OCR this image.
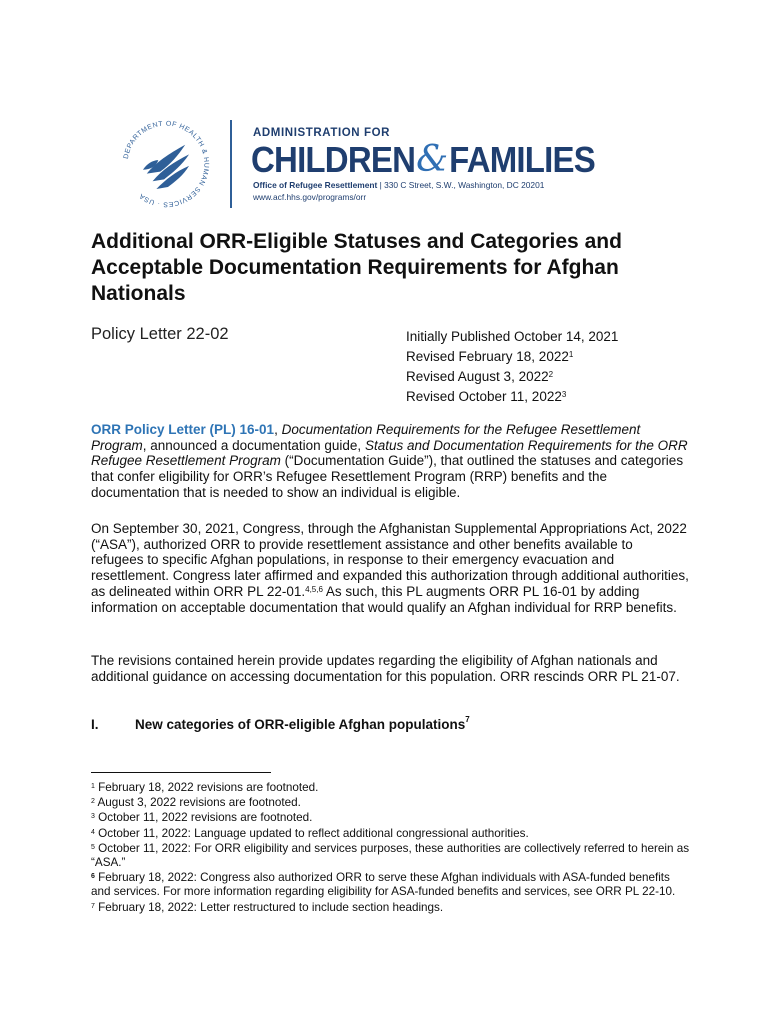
DEPARTMENT OF HEALTH & HUMAN SERVICES · USA
ADMINISTRATION FOR
CHILDREN&FAMILIES
Office of Refugee Resettlement | 330 C Street, S.W., Washington, DC 20201
www.acf.hhs.gov/programs/orr
Additional ORR-Eligible Statuses and Categories and Acceptable Documentation Requirements for Afghan Nationals
Policy Letter 22-02	Initially Published October 14, 2021
Revised February 18, 2022$^1$
Revised August 3, 2022$^2$
Revised October 11, 2022$^3$

ORR Policy Letter (PL) 16-01, Documentation Requirements for the Refugee Resettlement Program, announced a documentation guide, Status and Documentation Requirements for the ORR Refugee Resettlement Program (“Documentation Guide”), that outlined the statuses and categories that confer eligibility for ORR’s Refugee Resettlement Program (RRP) benefits and the documentation that is needed to show an individual is eligible.

On September 30, 2021, Congress, through the Afghanistan Supplemental Appropriations Act, 2022 (“ASA”), authorized ORR to provide resettlement assistance and other benefits available to refugees to specific Afghan populations, in response to their emergency evacuation and resettlement. Congress later affirmed and expanded this authorization through additional authorities, as delineated within ORR PL 22-01.$^{4,5,6}$ As such, this PL augments ORR PL 16-01 by adding information on acceptable documentation that would qualify an Afghan individual for RRP benefits.

The revisions contained herein provide updates regarding the eligibility of Afghan nationals and additional guidance on accessing documentation for this population. ORR rescinds ORR PL 21-07.

I.	New categories of ORR-eligible Afghan populations$^7$
$^1$ February 18, 2022 revisions are footnoted.
$^2$ August 3, 2022 revisions are footnoted.
$^3$ October 11, 2022 revisions are footnoted.
$^4$ October 11, 2022: Language updated to reflect additional congressional authorities.
$^5$ October 11, 2022: For ORR eligibility and services purposes, these authorities are collectively referred to herein as “ASA.”
$^6$ February 18, 2022: Congress also authorized ORR to serve these Afghan individuals with ASA-funded benefits and services. For more information regarding eligibility for ASA-funded benefits and services, see ORR PL 22-10.
$^7$ February 18, 2022: Letter restructured to include section headings.
